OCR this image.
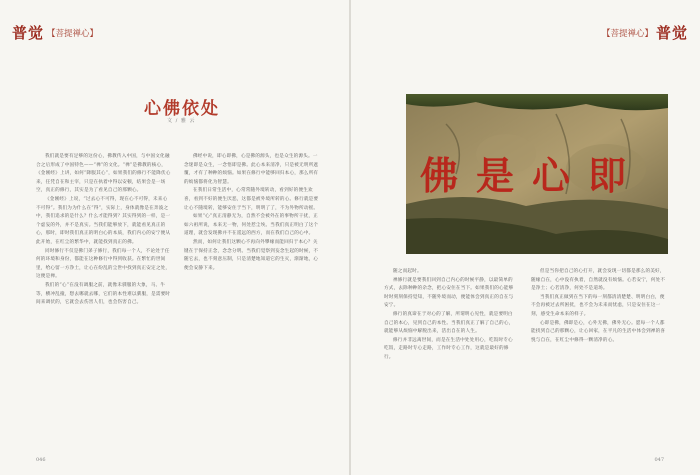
普觉 【菩提禅心】
心佛依处
文 / 雅 云

我们就是要有足够的这份心，佛教传入中国，与中国文化融合之后形成了中国特色——“禅”的文化。“禅”是佛教的核心，《金刚经》上讲，如何“降服其心”，如果我们的修行不能降伏心来，任凭自在和主宰，只是在执着中得以安顿，结果会是一场空，真正的修行，其实是为了看见自己的那颗心。

《金刚经》上说，“过去心不可得，现在心不可得，未来心不可得”。我们为为什么在“得”，实际上，身体就像是在奔波之中，我们追求的是什么？什么才能得到？其实得到的一样，是一个虚妄的外，并不是真实。当我们能够放下，就能看见真正的心，那时，即时我们真正的明白心的本质，我们内心的安宁便从此开始，在红尘的繁华中，就能找到真正的佛。

同时修行不仅是佛门弟子修行，我们每一个人，不论处于任何的环境和身份，都能在这种修行中得到收获。在繁忙的世间里，给心留一方净土，让心在纷乱的尘世中找到真正安定之处，这便是禅。

我们的“心”在没有调服之前，就像未驯服的大象，马、牛等，横冲乱撞，想去哪就去哪，它们的本性难以驯服，是需要时间来调伏的，它就会去伤害人们，也会伤害自己。

佛经中说，即心即佛，心是佛的源头，也是众生的源头。一念迷即是众生，一念悟即是佛。此心本来清净，只是被无明所遮覆，才有了种种的烦恼。如果在修行中能够回归本心，那么所有的烦恼都将化为智慧。

在我们日常生活中，心常常随外境转动，看到好的便生欢喜，看到不好的便生厌恶，这都是被外境所转的心。修行就是要让心不随境转，能够安住于当下，明明了了，不为外物所动摇。

如果“心”真正清静无为，自然不会被外在的事物所干扰，正如六祖所说，本来无一物，何处惹尘埃。当我们真正明白了这个道理，就会发现佛并不在遥远的西方，而在我们自己的心中。

然而，如何让我们这颗心不再向外攀缘而能回归于本心？关键在于保持正念，念念分明。当我们觉察到妄念生起的时候，不随它去，也不刻意压制，只是清楚地知道它的生灭，渐渐地，心便会安静下来。

046
【菩提禅心】 普觉
佛是心即

随之而起时。

禅修行就是要我们回到自己内心的时候平静，以最简单的方式，去除种种的杂念，把心安住在当下。如果我们的心能够时时刻刻保持觉知，不随外境而动，便能体会到真正的自在与安宁。

修行的真谛在于对心的了解，所谓明心见性，就是要明白自己的本心，见到自己的本性。当我们真正了解了自己的心，就能够从烦恼中解脱出来，活出自在的人生。

修行并非远离世间，而是在生活中处处用心，吃饭时专心吃饭，走路时专心走路，工作时专心工作，这就是最好的修行。

但是当你把自己的心打开，就会发现一切都是那么的美好，随缘自在，心中没有执着，自然就没有烦恼。心若安宁，何处不是净土；心若清净，何处不是道场。

当我们真正做到在当下的每一刻都清清楚楚、明明白白，便不会再被过去所困扰，也不会为未来而忧虑，只是安住在这一刻，感受生命本来的样子。

心即是佛，佛即是心，心外无佛，佛外无心。愿每一个人都能找到自己的那颗心，让心回家，在平凡的生活中体会到禅的喜悦与自在，在红尘中修得一颗清净的心。

047
